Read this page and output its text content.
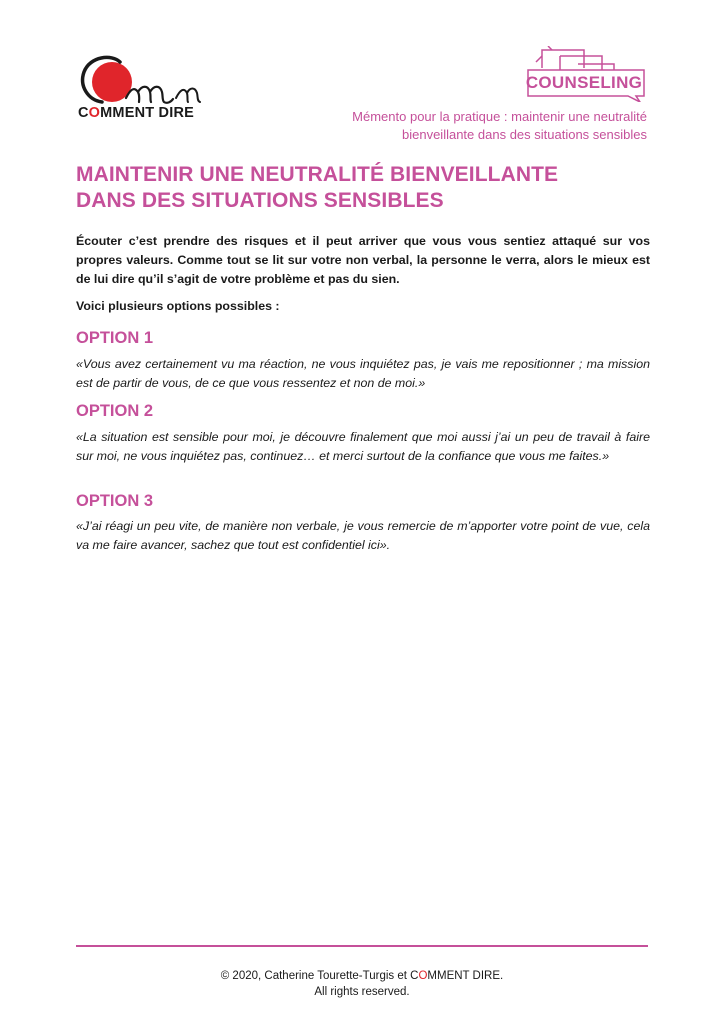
COMMENT DIRE
COUNSELING
Mémento pour la pratique : maintenir une neutralité
bienveillante dans des situations sensibles
MAINTENIR UNE NEUTRALITÉ BIENVEILLANTE
DANS DES SITUATIONS SENSIBLES
Écouter c’est prendre des risques et il peut arriver que vous vous sentiez attaqué sur vos propres valeurs. Comme tout se lit sur votre non verbal, la personne le verra, alors le mieux est de lui dire qu’il s’agit de votre problème et pas du sien.
Voici plusieurs options possibles :
OPTION 1
«Vous avez certainement vu ma réaction, ne vous inquiétez pas, je vais me repositionner ; ma mission est de partir de vous, de ce que vous ressentez et non de moi.»
OPTION 2
«La situation est sensible pour moi, je découvre finalement que moi aussi j’ai un peu de travail à faire sur moi, ne vous inquiétez pas, continuez… et merci surtout de la confiance que vous me faites.»
OPTION 3
«J’ai réagi un peu vite, de manière non verbale, je vous remercie de m’apporter votre point de vue, cela va me faire avancer, sachez que tout est confidentiel ici».
© 2020, Catherine Tourette-Turgis et COMMENT DIRE.
All rights reserved.
